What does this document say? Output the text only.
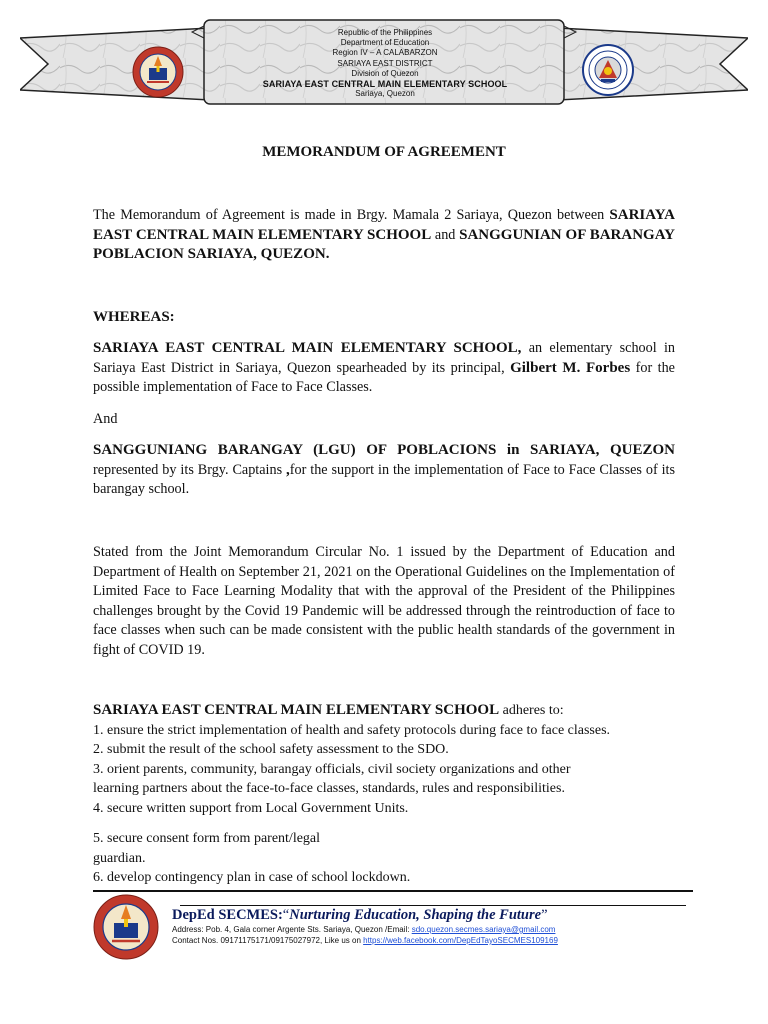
Republic of the Philippines
Department of Education
Region IV – A CALABARZON
SARIAYA EAST DISTRICT
Division of Quezon
SARIAYA EAST CENTRAL MAIN ELEMENTARY SCHOOL
Sariaya, Quezon
MEMORANDUM OF AGREEMENT
The Memorandum of Agreement is made in Brgy. Mamala 2 Sariaya, Quezon between SARIAYA EAST CENTRAL MAIN ELEMENTARY SCHOOL and SANGGUNIAN OF BARANGAY POBLACION SARIAYA, QUEZON.
WHEREAS:
SARIAYA EAST CENTRAL MAIN ELEMENTARY SCHOOL, an elementary school in Sariaya East District in Sariaya, Quezon spearheaded by its principal, Gilbert M. Forbes for the possible implementation of Face to Face Classes.
And
SANGGUNIANG BARANGAY (LGU) OF POBLACIONS in SARIAYA, QUEZON represented by its Brgy. Captains ,for the support in the implementation of Face to Face Classes of its barangay school.
Stated from the Joint Memorandum Circular No. 1 issued by the Department of Education and Department of Health on September 21, 2021 on the Operational Guidelines on the Implementation of Limited Face to Face Learning Modality that with the approval of the President of the Philippines challenges brought by the Covid 19 Pandemic will be addressed through the reintroduction of face to face classes when such can be made consistent with the public health standards of the government in fight of COVID 19.
SARIAYA EAST CENTRAL MAIN ELEMENTARY SCHOOL adheres to:
1. ensure the strict implementation of health and safety protocols during face to face classes.
2. submit the result of the school safety assessment to the SDO.
3. orient parents, community, barangay officials, civil society organizations and other
learning partners about the face-to-face classes, standards, rules and responsibilities.
4. secure written support from Local Government Units.
5. secure consent form from parent/legal
guardian.
6. develop contingency plan in case of school lockdown.
DepEd SECMES:“Nurturing Education, Shaping the Future”
Address: Pob. 4, Gala corner Argente Sts. Sariaya, Quezon /Email: sdo.quezon.secmes.sariaya@gmail.com
Contact Nos. 09171175171/09175027972, Like us on https://web.facebook.com/DepEdTayoSECMES109169
